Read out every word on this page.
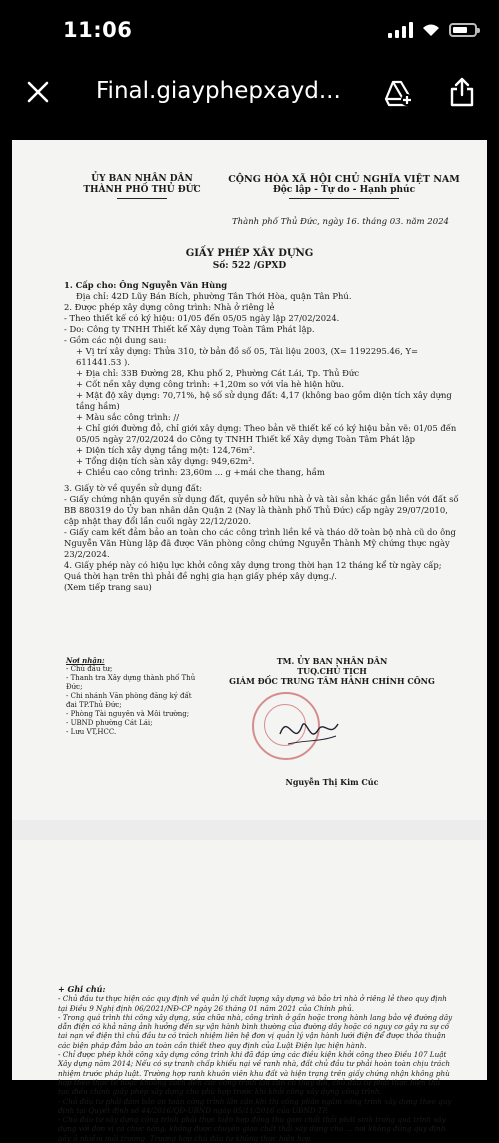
11:06
Final.giayphepxayd...
ỦY BAN NHÂN DÂN
THÀNH PHỐ THỦ ĐỨC
CỘNG HÒA XÃ HỘI CHỦ NGHĨA VIỆT NAM
Độc lập - Tự do - Hạnh phúc
Thành phố Thủ Đức, ngày 16. tháng 03. năm 2024
GIẤY PHÉP XÂY DỰNG
Số: 522 /GPXD

1. Cấp cho: Ông Nguyễn Văn Hùng

Địa chỉ: 42D Lũy Bán Bích, phường Tân Thới Hòa, quận Tân Phú.

2. Được phép xây dựng công trình: Nhà ở riêng lẻ

- Theo thiết kế có ký hiệu: 01/05 đến 05/05 ngày lập 27/02/2024.

- Do: Công ty TNHH Thiết kế Xây dựng Toàn Tâm Phát lập.

- Gồm các nội dung sau:

+ Vị trí xây dựng: Thửa 310, tờ bản đồ số 05, Tài liệu 2003, (X= 1192295.46, Y= 611441.53 ).

+ Địa chỉ: 33B Đường 28, Khu phố 2, Phường Cát Lái, Tp. Thủ Đức

+ Cốt nền xây dựng công trình: +1,20m so với vỉa hè hiện hữu.

+ Mật độ xây dựng: 70,71%, hệ số sử dụng đất: 4,17 (không bao gồm diện tích xây dựng tầng hầm)

+ Màu sắc công trình: //

+ Chỉ giới đường đỏ, chỉ giới xây dựng: Theo bản vẽ thiết kế có ký hiệu bản vẽ: 01/05 đến 05/05 ngày 27/02/2024 do Công ty TNHH Thiết kế Xây dựng Toàn Tâm Phát lập

+ Diện tích xây dựng tầng một: 124,76m².

+ Tổng diện tích sàn xây dựng: 949,62m².

+ Chiều cao công trình: 23,60m ... g +mái che thang, hầm

3. Giấy tờ về quyền sử dụng đất:

- Giấy chứng nhận quyền sử dụng đất, quyền sở hữu nhà ở và tài sản khác gắn liền với đất số BB 880319 do Ủy ban nhân dân Quận 2 (Nay là thành phố Thủ Đức) cấp ngày 29/07/2010, cập nhật thay đổi lần cuối ngày 22/12/2020.

- Giấy cam kết đảm bảo an toàn cho các công trình liền kề và tháo dỡ toàn bộ nhà cũ do ông Nguyễn Văn Hùng lập đã được Văn phòng công chứng Nguyễn Thành Mỹ chứng thực ngày 23/2/2024.

4. Giấy phép này có hiệu lực khởi công xây dựng trong thời hạn 12 tháng kể từ ngày cấp; Quá thời hạn trên thì phải đề nghị gia hạn giấy phép xây dựng./.

(Xem tiếp trang sau)

Nơi nhận:
- Chủ đầu tư;
- Thanh tra Xây dựng thành phố Thủ Đức;
- Chi nhánh Văn phòng đăng ký đất đai TP.Thủ Đức;
- Phòng Tài nguyên và Môi trường;
- UBND phường Cát Lái;
- Lưu VT,HCC.
TM. ỦY BAN NHÂN DÂN
TUQ.CHỦ TỊCH
GIÁM ĐỐC TRUNG TÂM HÀNH CHÍNH CÔNG
Nguyễn Thị Kim Cúc

+ Ghi chú:

- Chủ đầu tư thực hiện các quy định về quản lý chất lượng xây dựng và bảo trì nhà ở riêng lẻ theo quy định tại Điều 9 Nghị định 06/2021/NĐ-CP ngày 26 tháng 01 năm 2021 của Chính phủ.

- Trong quá trình thi công xây dựng, sửa chữa nhà, công trình ở gần hoặc trong hành lang bảo vệ đường dây dẫn điện có khả năng ảnh hưởng đến sự vận hành bình thường của đường dây hoặc có nguy cơ gây ra sự cố tai nạn về điện thì chủ đầu tư có trách nhiệm liên hệ đơn vị quản lý vận hành lưới điện để được thỏa thuận các biện pháp đảm bảo an toàn cần thiết theo quy định của Luật Điện lực hiện hành.

- Chỉ được phép khởi công xây dựng công trình khi đã đáp ứng các điều kiện khởi công theo Điều 107 Luật Xây dựng năm 2014; Nếu có sự tranh chấp khiếu nại về ranh nhà, đất chủ đầu tư phải hoàn toàn chịu trách nhiệm trước pháp luật. Trường hợp ranh khuôn viên khu đất và hiện trạng trên giấy chứng nhận không phù hợp theo thực tế hoặc khoảng cách đến các công trình lân cận có thay đổi, chủ đầu tư phải thực hiện thủ tục điều chỉnh giấy phép xây dựng cho phù hợp trước khi khởi công xây dựng công trình.

- Chủ đầu tư phải đảm bảo an toàn công trình lân cận khi thi công phần ngầm công trình xây dựng theo quy định tại Quyết định số 44/2016/QĐ-UBND ngày 05/11/2016 của UBND TP.

- Chủ đầu tư xây dựng công trình phải thực hiện hợp đồng thu gom chất thải phát sinh trong quá trình xây dựng với đơn vị có chức năng, không được chuyên giao chất thải xây dựng cho ... nơi không đúng quy định gây ô nhiễm môi trường. Trường hợp chủ đầu tư không thực hiện hợp
